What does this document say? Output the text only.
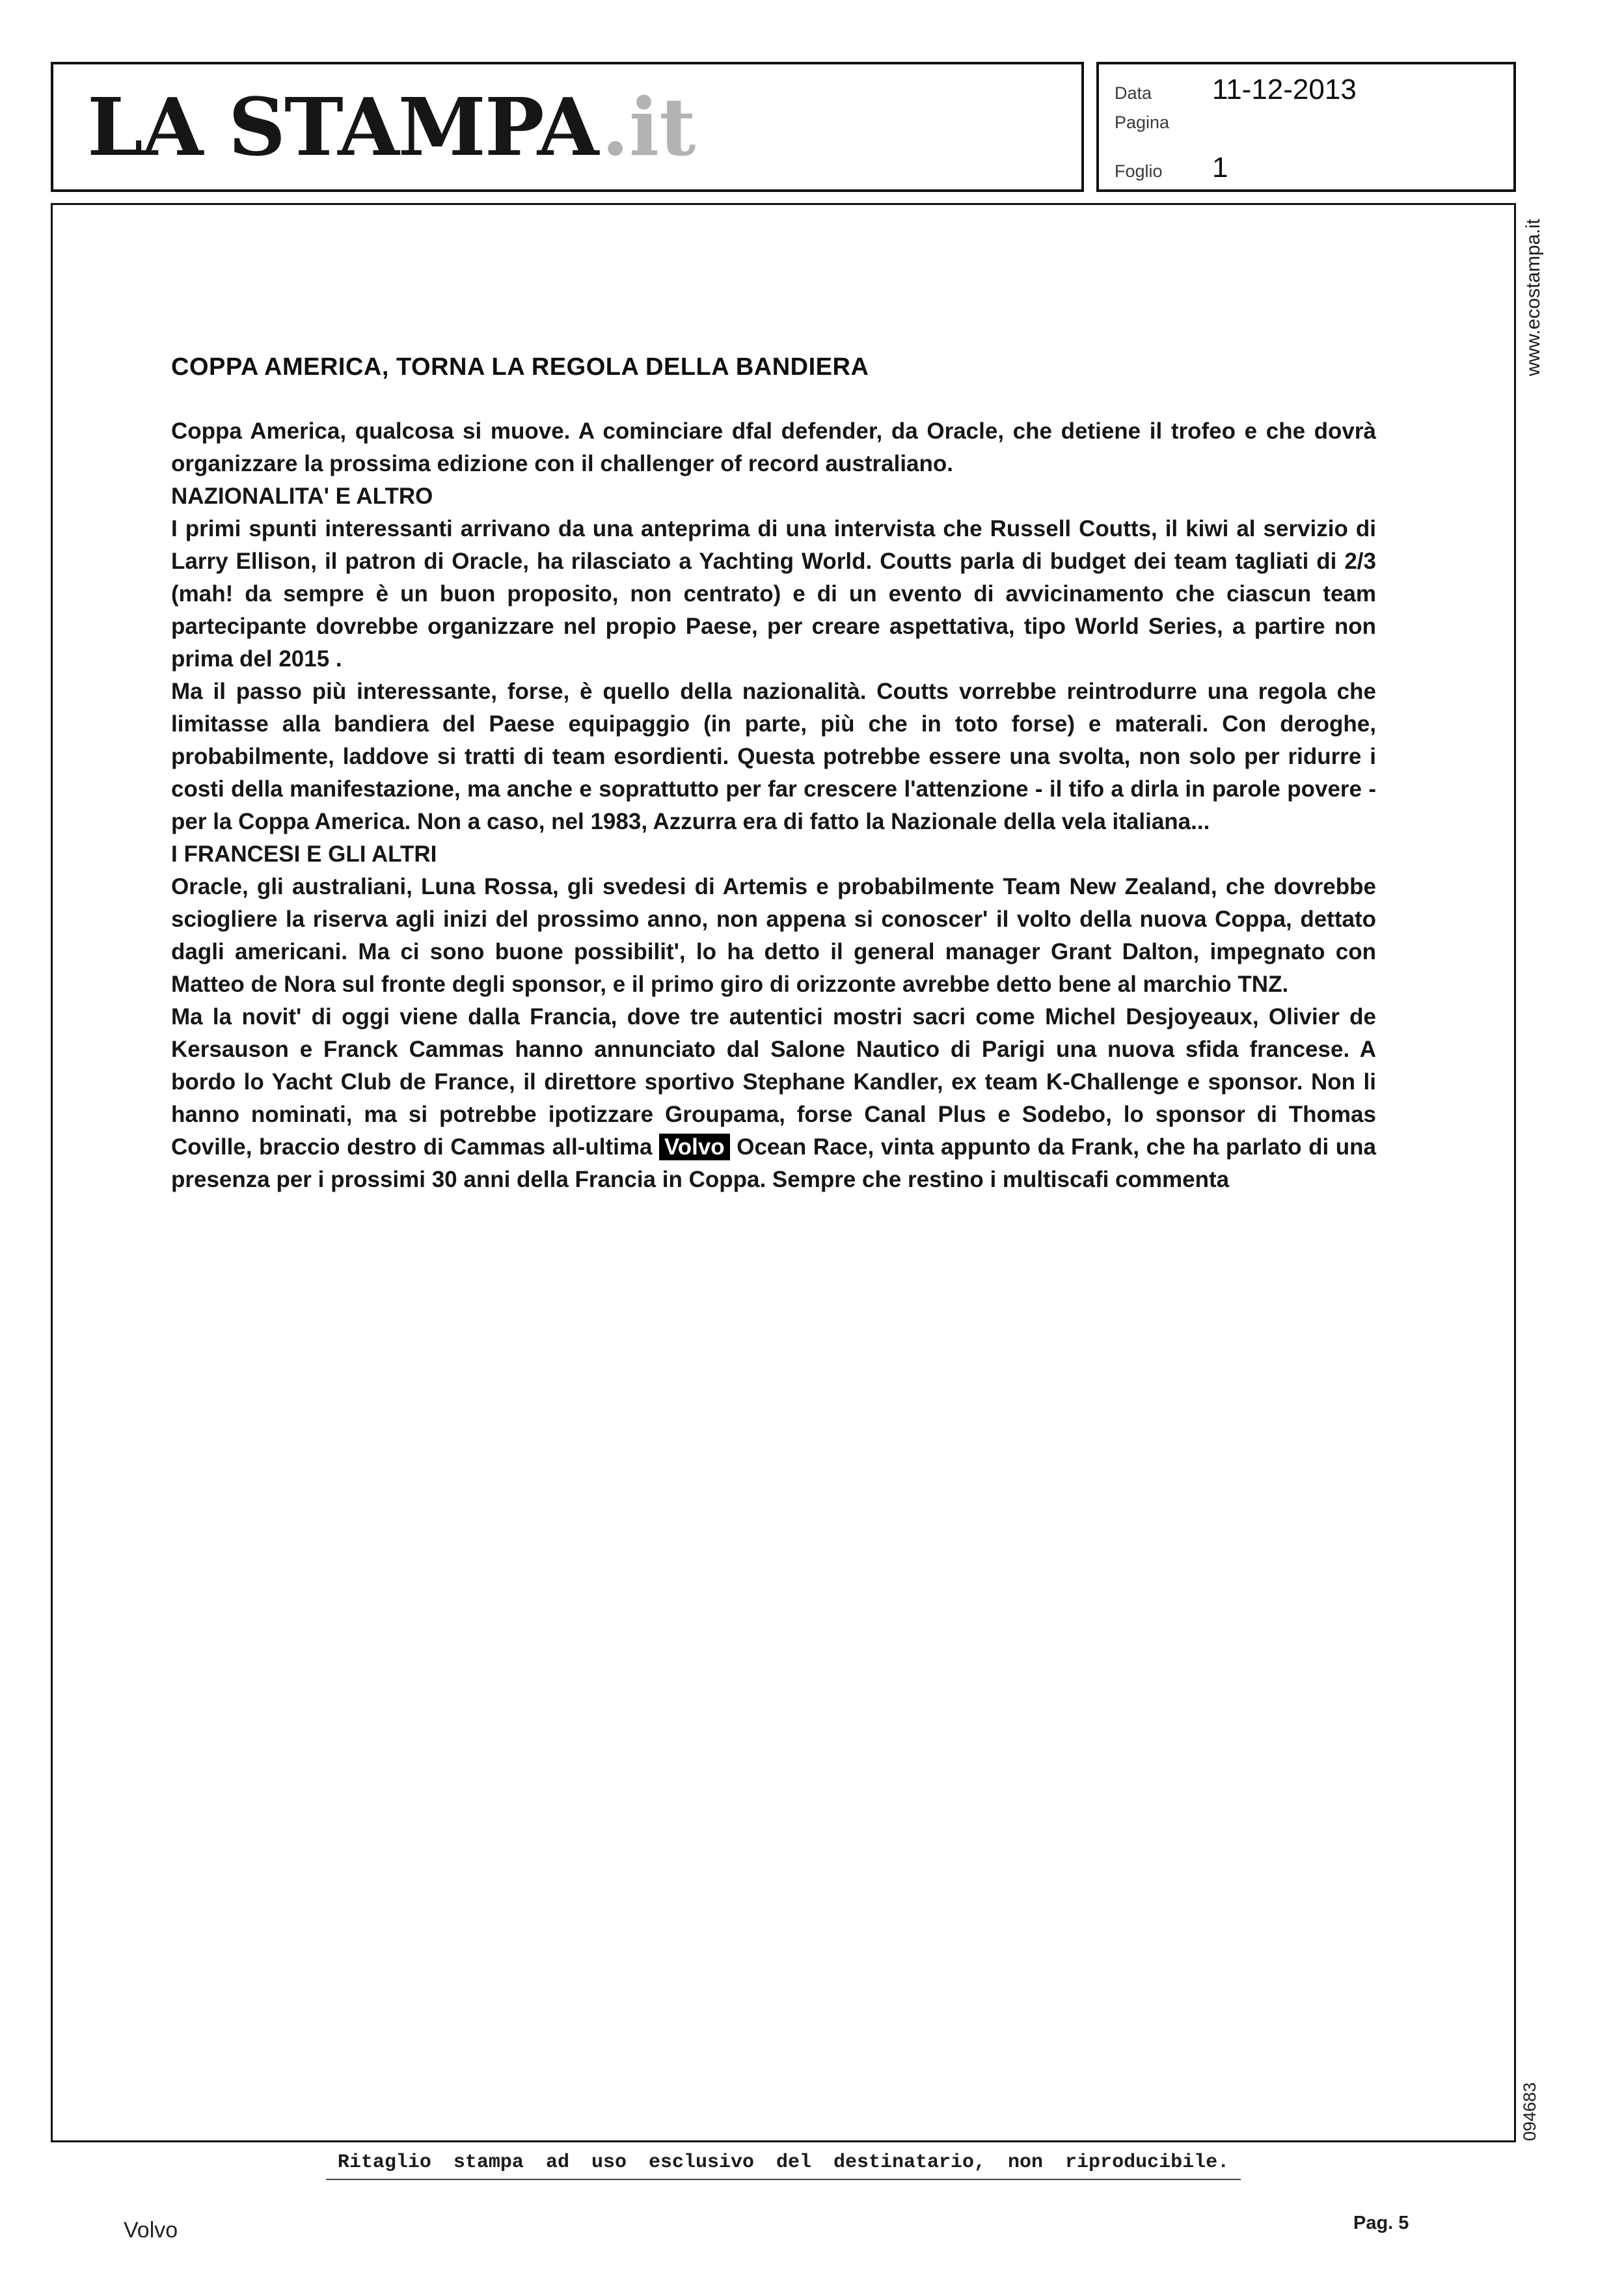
LA STAMPA .it	Data	11-12-2013
Pagina
Foglio	1
COPPA AMERICA, TORNA LA REGOLA DELLA BANDIERA

Coppa America, qualcosa si muove. A cominciare dfal defender, da Oracle, che detiene il trofeo e che dovrà organizzare la prossima edizione con il challenger of record australiano.

NAZIONALITA' E ALTRO

I primi spunti interessanti arrivano da una anteprima di una intervista che Russell Coutts, il kiwi al servizio di Larry Ellison, il patron di Oracle, ha rilasciato a Yachting World. Coutts parla di budget dei team tagliati di 2/3 (mah! da sempre è un buon proposito, non centrato) e di un evento di avvicinamento che ciascun team partecipante dovrebbe organizzare nel propio Paese, per creare aspettativa, tipo World Series, a partire non prima del 2015 .

Ma il passo più interessante, forse, è quello della nazionalità. Coutts vorrebbe reintrodurre una regola che limitasse alla bandiera del Paese equipaggio (in parte, più che in toto forse) e materali. Con deroghe, probabilmente, laddove si tratti di team esordienti. Questa potrebbe essere una svolta, non solo per ridurre i costi della manifestazione, ma anche e soprattutto per far crescere l'attenzione - il tifo a dirla in parole povere - per la Coppa America. Non a caso, nel 1983, Azzurra era di fatto la Nazionale della vela italiana...

I FRANCESI E GLI ALTRI

Oracle, gli australiani, Luna Rossa, gli svedesi di Artemis e probabilmente Team New Zealand, che dovrebbe sciogliere la riserva agli inizi del prossimo anno, non appena si conoscer' il volto della nuova Coppa, dettato dagli americani. Ma ci sono buone possibilit', lo ha detto il general manager Grant Dalton, impegnato con Matteo de Nora sul fronte degli sponsor, e il primo giro di orizzonte avrebbe detto bene al marchio TNZ.

Ma la novit' di oggi viene dalla Francia, dove tre autentici mostri sacri come Michel Desjoyeaux, Olivier de Kersauson e Franck Cammas hanno annunciato dal Salone Nautico di Parigi una nuova sfida francese. A bordo lo Yacht Club de France, il direttore sportivo Stephane Kandler, ex team K-Challenge e sponsor. Non li hanno nominati, ma si potrebbe ipotizzare Groupama, forse Canal Plus e Sodebo, lo sponsor di Thomas Coville, braccio destro di Cammas all-ultima Volvo Ocean Race, vinta appunto da Frank, che ha parlato di una presenza per i prossimi 30 anni della Francia in Coppa. Sempre che restino i multiscafi commenta

www.ecostampa.it
094683
Ritaglio stampa ad uso esclusivo del destinatario, non riproducibile.
Volvo	Pag. 5
